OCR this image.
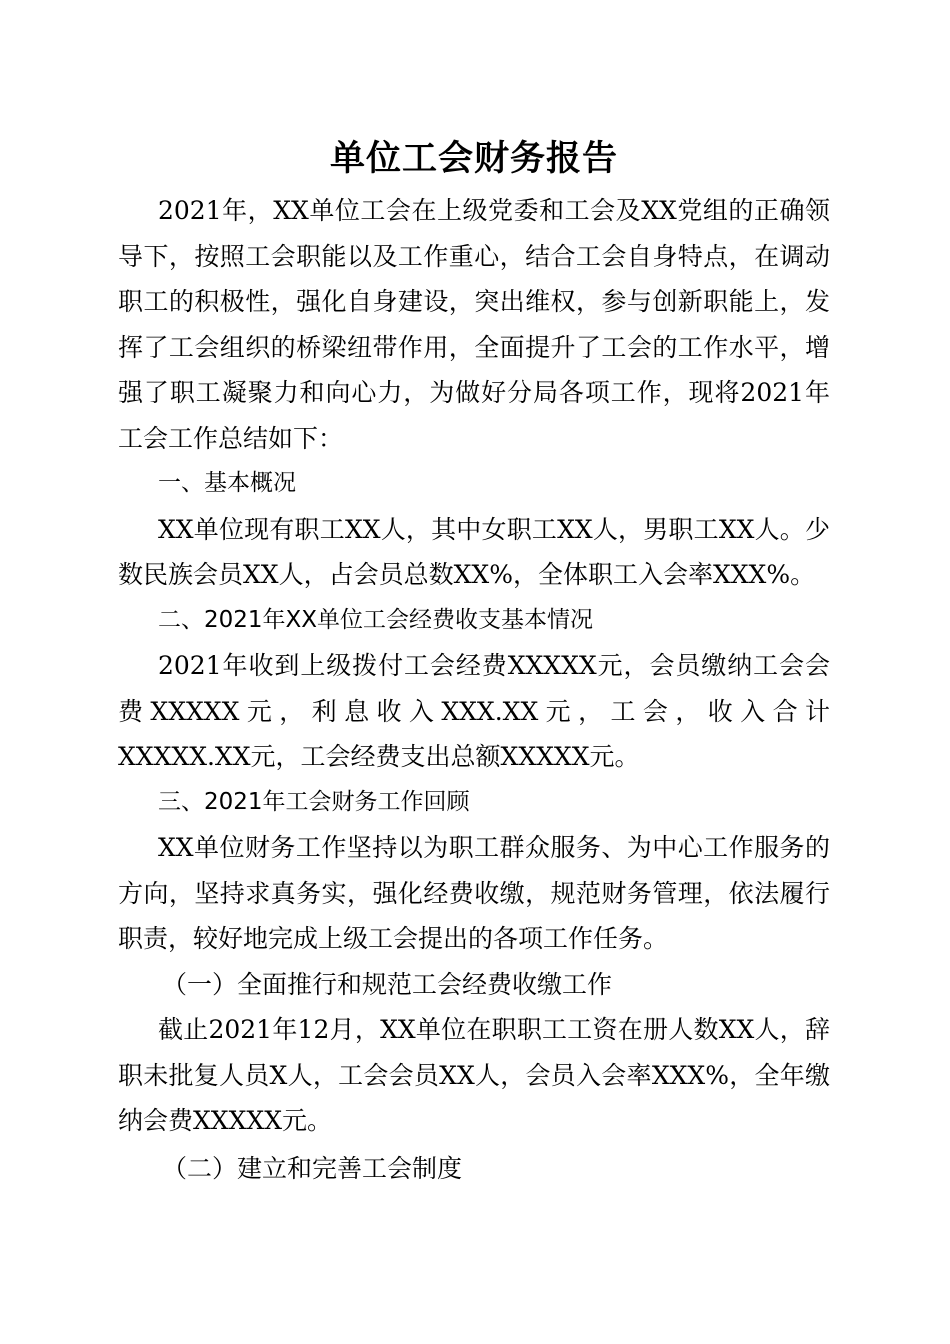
单位工会财务报告

2021年，XX单位工会在上级党委和工会及XX党组的正确领导下，按照工会职能以及工作重心，结合工会自身特点，在调动职工的积极性，强化自身建设，突出维权，参与创新职能上，发挥了工会组织的桥梁纽带作用，全面提升了工会的工作水平，增强了职工凝聚力和向心力，为做好分局各项工作，现将2021年工会工作总结如下：

一、基本概况

XX单位现有职工XX人，其中女职工XX人，男职工XX人。少数民族会员XX人，占会员总数XX%，全体职工入会率XXX%。

二、2021年XX单位工会经费收支基本情况

2021年收到上级拨付工会经费XXXXX元，会员缴纳工会会费XXXXX元，利息收入XXX.XX元，工会，收入合计XXXXX.XX元，工会经费支出总额XXXXX元。

三、2021年工会财务工作回顾

XX单位财务工作坚持以为职工群众服务、为中心工作服务的方向，坚持求真务实，强化经费收缴，规范财务管理，依法履行职责，较好地完成上级工会提出的各项工作任务。

（一）全面推行和规范工会经费收缴工作

截止2021年12月，XX单位在职职工工资在册人数XX人，辞职未批复人员X人，工会会员XX人，会员入会率XXX%，全年缴纳会费XXXXX元。

（二）建立和完善工会制度
